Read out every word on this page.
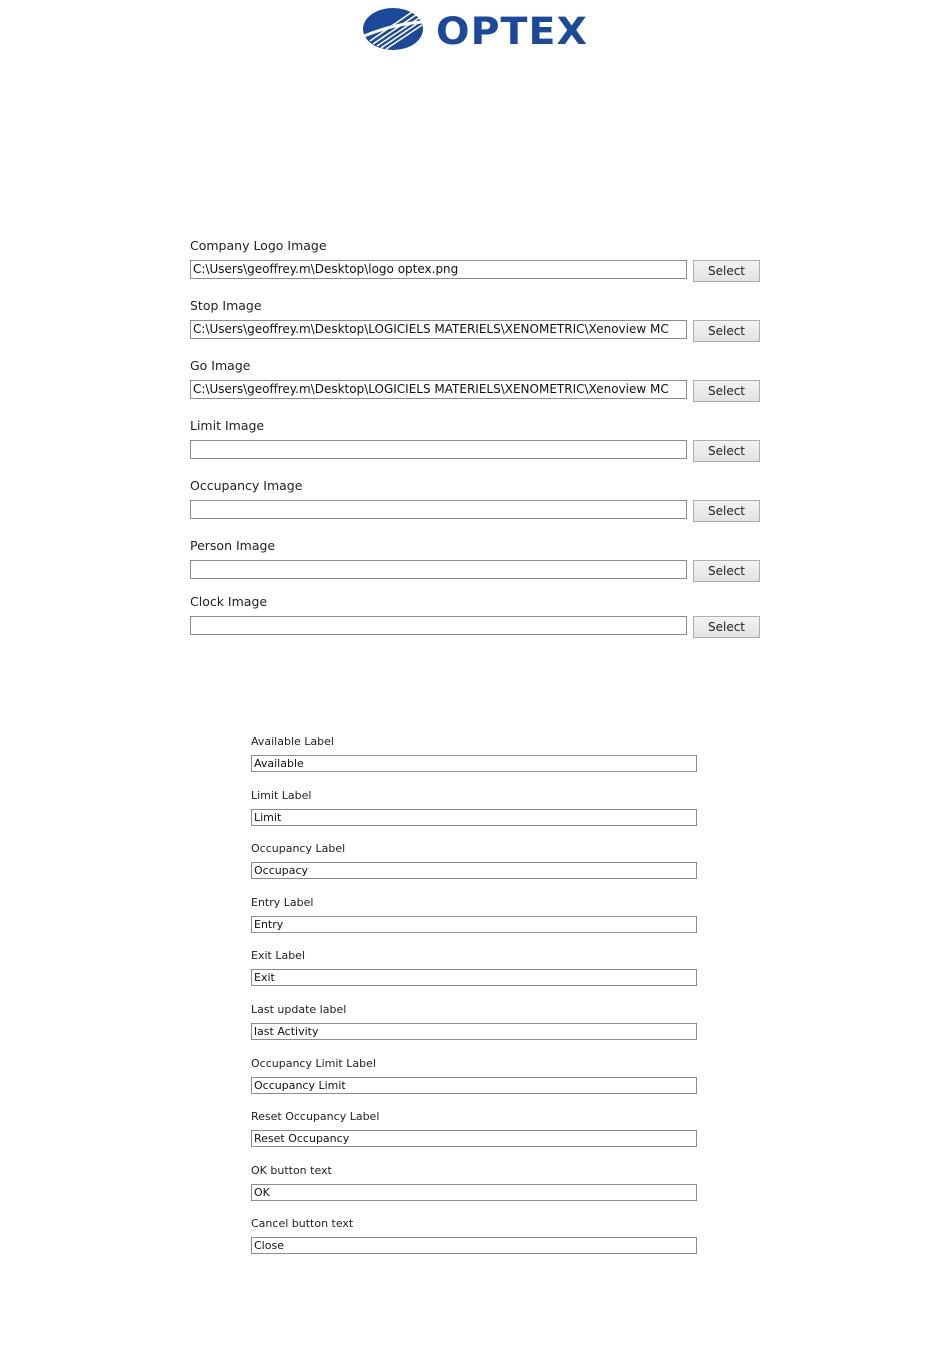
OPTEX
Company Logo Image
C:\Users\geoffrey.m\Desktop\logo optex.png	Select
Stop Image
C:\Users\geoffrey.m\Desktop\LOGICIELS MATERIELS\XENOMETRIC\Xenoview MC	Select
Go Image
C:\Users\geoffrey.m\Desktop\LOGICIELS MATERIELS\XENOMETRIC\Xenoview MC	Select
Limit Image
Select
Occupancy Image
Select
Person Image
Select
Clock Image
Select
Available Label
Available
Limit Label
Limit
Occupancy Label
Occupacy
Entry Label
Entry
Exit Label
Exit
Last update label
last Activity
Occupancy Limit Label
Occupancy Limit
Reset Occupancy Label
Reset Occupancy
OK button text
OK
Cancel button text
Close
